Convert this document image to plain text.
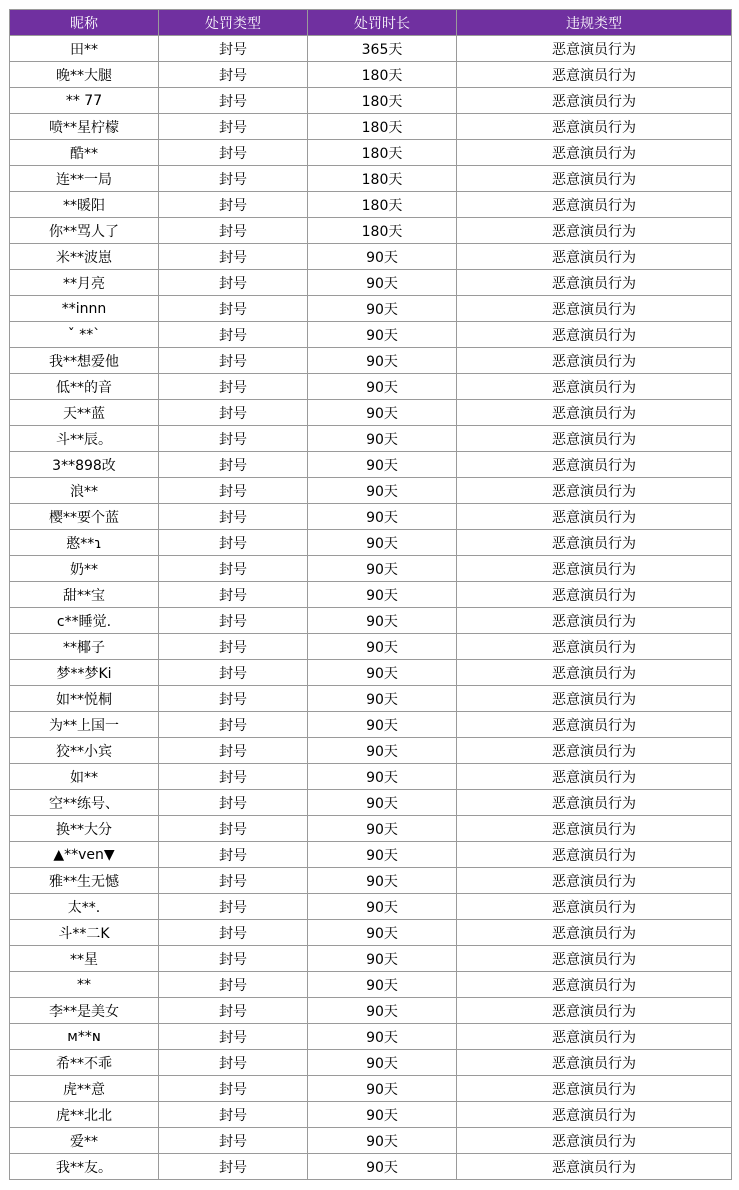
昵称	处罚类型	处罚时长	违规类型
田**	封号	365天	恶意演员行为
晚**大腿	封号	180天	恶意演员行为
** 77	封号	180天	恶意演员行为
喷**星柠檬	封号	180天	恶意演员行为
酷**	封号	180天	恶意演员行为
连**一局	封号	180天	恶意演员行为
**暖阳	封号	180天	恶意演员行为
你**骂人了	封号	180天	恶意演员行为
米**波崽	封号	90天	恶意演员行为
**月亮	封号	90天	恶意演员行为
**innn	封号	90天	恶意演员行为
ˇ **`	封号	90天	恶意演员行为
我**想爱他	封号	90天	恶意演员行为
低**的音	封号	90天	恶意演员行为
天**蓝	封号	90天	恶意演员行为
斗**辰。	封号	90天	恶意演员行为
3**898改	封号	90天	恶意演员行为
浪**	封号	90天	恶意演员行为
樱**要个蓝	封号	90天	恶意演员行为
憨**ɿ	封号	90天	恶意演员行为
奶**	封号	90天	恶意演员行为
甜**宝	封号	90天	恶意演员行为
c**睡觉.	封号	90天	恶意演员行为
**椰子	封号	90天	恶意演员行为
梦**梦Ki	封号	90天	恶意演员行为
如**悦桐	封号	90天	恶意演员行为
为**上国一	封号	90天	恶意演员行为
狡**小宾	封号	90天	恶意演员行为
如**	封号	90天	恶意演员行为
空**练号、	封号	90天	恶意演员行为
换**大分	封号	90天	恶意演员行为
▲**ven▼	封号	90天	恶意演员行为
雅**生无憾	封号	90天	恶意演员行为
太**.	封号	90天	恶意演员行为
斗**二K	封号	90天	恶意演员行为
**星	封号	90天	恶意演员行为
**	封号	90天	恶意演员行为
李**是美女	封号	90天	恶意演员行为
ᴍ**ɴ	封号	90天	恶意演员行为
希**不乖	封号	90天	恶意演员行为
虎**意	封号	90天	恶意演员行为
虎**北北	封号	90天	恶意演员行为
爱**	封号	90天	恶意演员行为
我**友。	封号	90天	恶意演员行为
